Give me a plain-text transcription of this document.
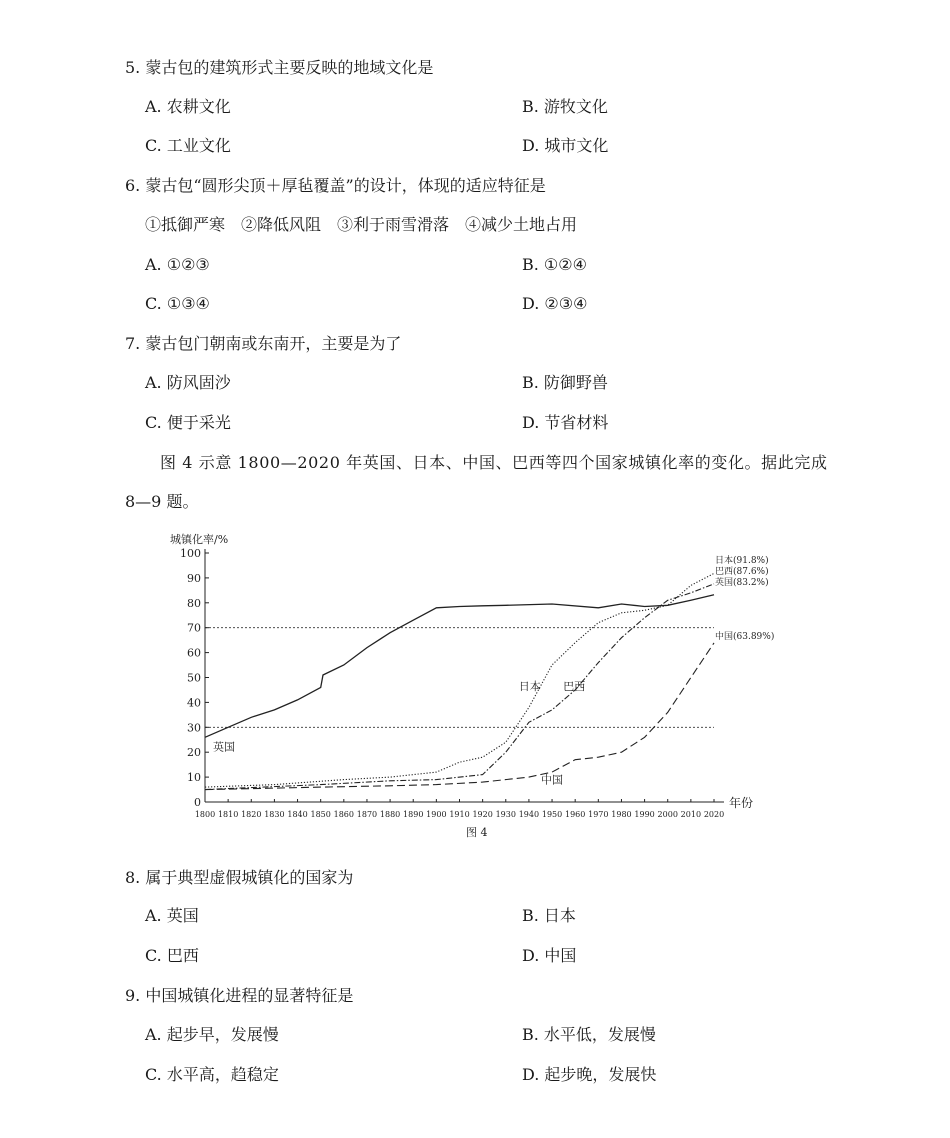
5. 蒙古包的建筑形式主要反映的地域文化是
A. 农耕文化	B. 游牧文化
C. 工业文化	D. 城市文化
6. 蒙古包“圆形尖顶＋厚毡覆盖”的设计，体现的适应特征是
①抵御严寒　②降低风阻　③利于雨雪滑落　④减少土地占用
A. ①②③	B. ①②④
C. ①③④	D. ②③④
7. 蒙古包门朝南或东南开，主要是为了
A. 防风固沙	B. 防御野兽
C. 便于采光	D. 节省材料
图 4 示意 1800—2020 年英国、日本、中国、巴西等四个国家城镇化率的变化。据此完成
8—9 题。
0
10
20
30
40
50
60
70
80
90
100
1800 1810 1820 1830 1840 1850 1860 1870 1880 1890 1900 1910 1920 1930 1940 1950 1960 1970 1980 1990 2000 2010 2020
城镇化率/%
年份
日本(91.8%)
巴西(87.6%)
英国(83.2%)
中国(63.89%)
英国
日本 巴西
中国
图 4
8. 属于典型虚假城镇化的国家为
A. 英国	B. 日本
C. 巴西	D. 中国
9. 中国城镇化进程的显著特征是
A. 起步早，发展慢	B. 水平低，发展慢
C. 水平高，趋稳定	D. 起步晚，发展快
